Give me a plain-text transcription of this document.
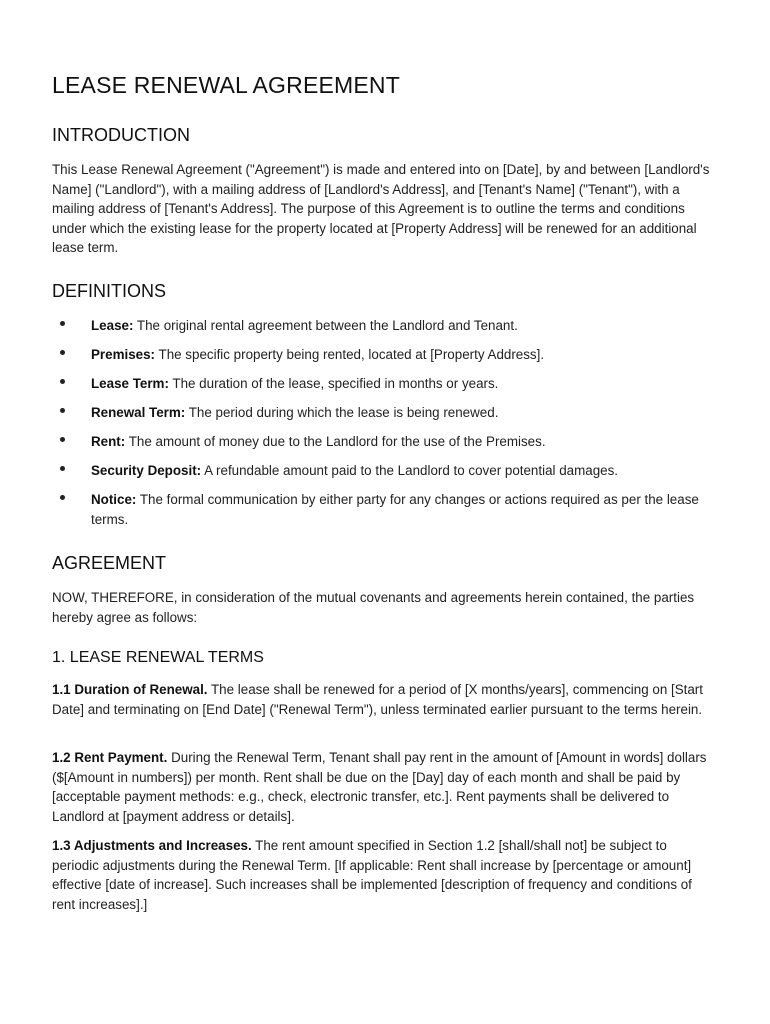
LEASE RENEWAL AGREEMENT
INTRODUCTION

This Lease Renewal Agreement ("Agreement") is made and entered into on [Date], by and between [Landlord's Name] ("Landlord"), with a mailing address of [Landlord's Address], and [Tenant's Name] ("Tenant"), with a mailing address of [Tenant's Address]. The purpose of this Agreement is to outline the terms and conditions under which the existing lease for the property located at [Property Address] will be renewed for an additional lease term.

DEFINITIONS
Lease: The original rental agreement between the Landlord and Tenant.
Premises: The specific property being rented, located at [Property Address].
Lease Term: The duration of the lease, specified in months or years.
Renewal Term: The period during which the lease is being renewed.
Rent: The amount of money due to the Landlord for the use of the Premises.
Security Deposit: A refundable amount paid to the Landlord to cover potential damages.
Notice: The formal communication by either party for any changes or actions required as per the lease terms.
AGREEMENT

NOW, THEREFORE, in consideration of the mutual covenants and agreements herein contained, the parties hereby agree as follows:

1. LEASE RENEWAL TERMS

1.1 Duration of Renewal. The lease shall be renewed for a period of [X months/years], commencing on [Start Date] and terminating on [End Date] ("Renewal Term"), unless terminated earlier pursuant to the terms herein.

1.2 Rent Payment. During the Renewal Term, Tenant shall pay rent in the amount of [Amount in words] dollars ($[Amount in numbers]) per month. Rent shall be due on the [Day] day of each month and shall be paid by [acceptable payment methods: e.g., check, electronic transfer, etc.]. Rent payments shall be delivered to Landlord at [payment address or details].

1.3 Adjustments and Increases. The rent amount specified in Section 1.2 [shall/shall not] be subject to periodic adjustments during the Renewal Term. [If applicable: Rent shall increase by [percentage or amount] effective [date of increase]. Such increases shall be implemented [description of frequency and conditions of rent increases].]
